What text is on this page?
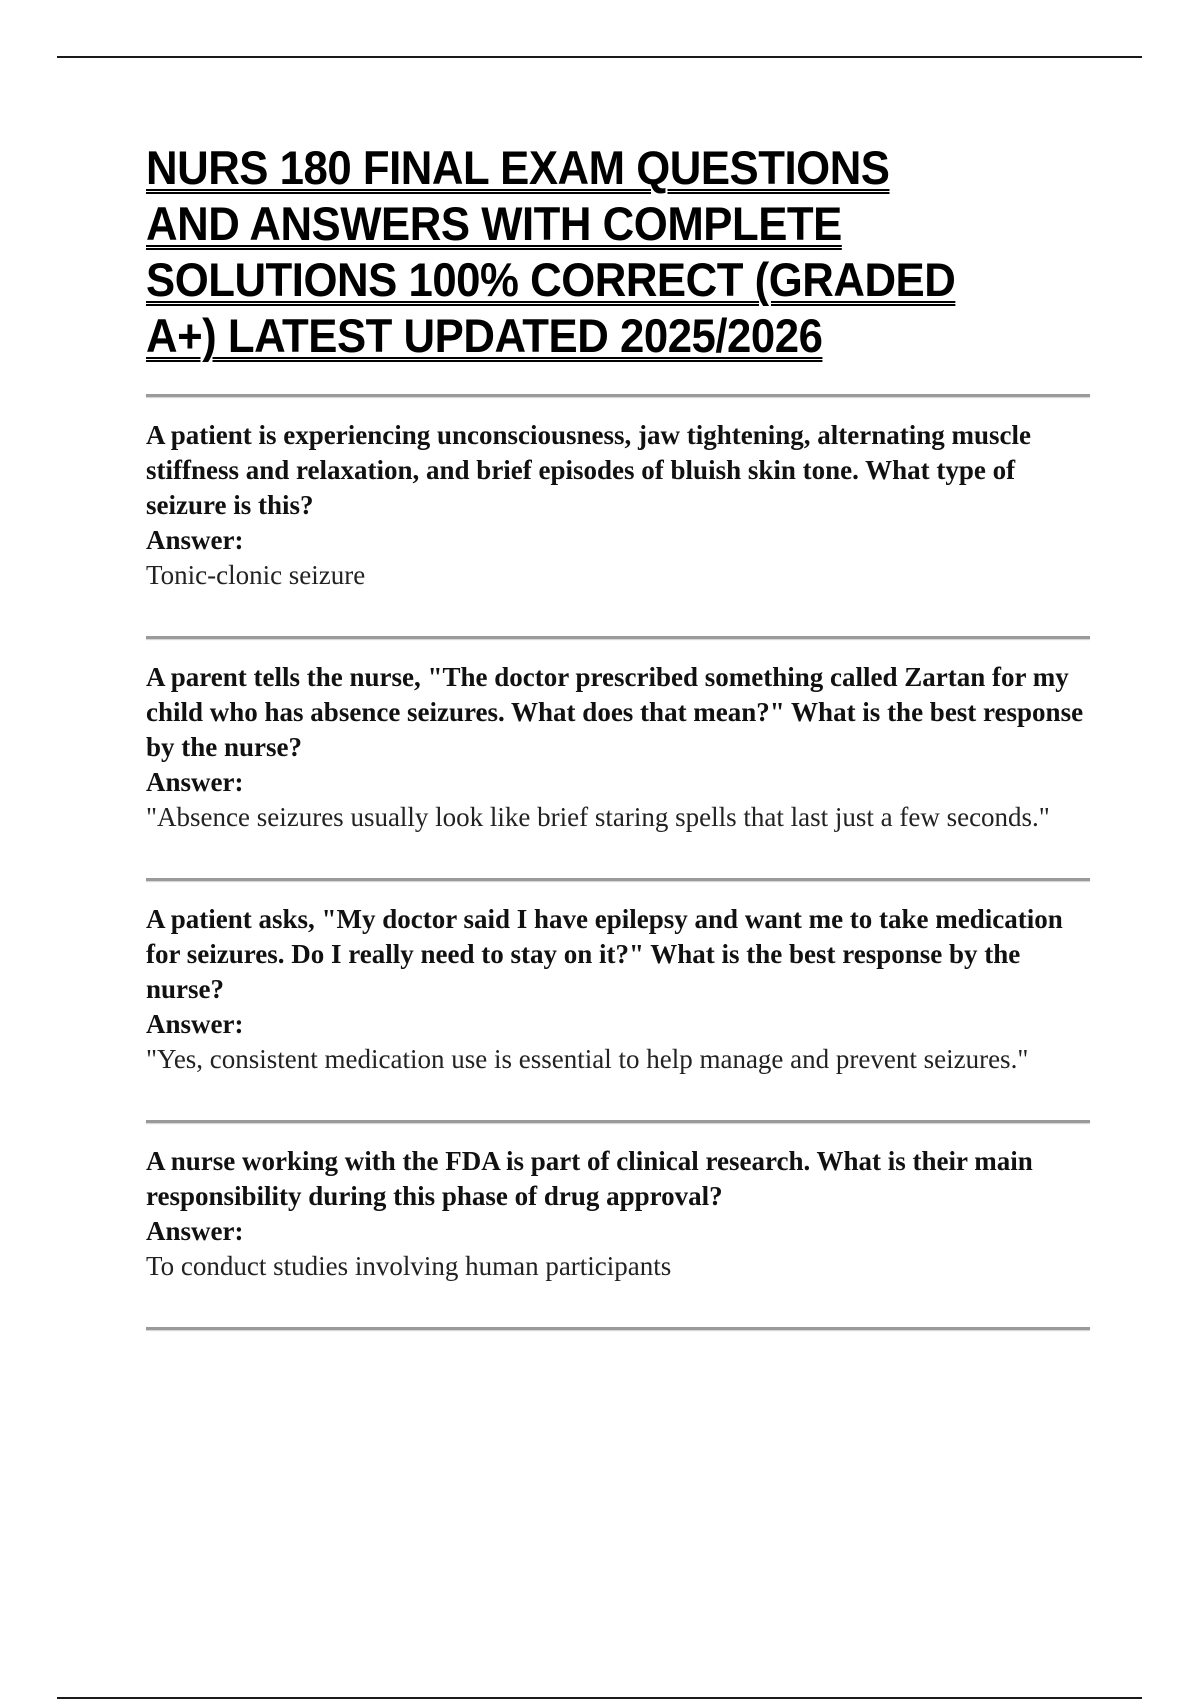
NURS 180 FINAL EXAM QUESTIONS
AND ANSWERS WITH COMPLETE
SOLUTIONS 100% CORRECT (GRADED
A+) LATEST UPDATED 2025/2026

A patient is experiencing unconsciousness, jaw tightening, alternating muscle stiffness and relaxation, and brief episodes of bluish skin tone. What type of seizure is this?

Answer:

Tonic-clonic seizure

A parent tells the nurse, "The doctor prescribed something called Zartan for my child who has absence seizures. What does that mean?" What is the best response by the nurse?

Answer:

"Absence seizures usually look like brief staring spells that last just a few seconds."

A patient asks, "My doctor said I have epilepsy and want me to take medication for seizures. Do I really need to stay on it?" What is the best response by the nurse?

Answer:

"Yes, consistent medication use is essential to help manage and prevent seizures."

A nurse working with the FDA is part of clinical research. What is their main responsibility during this phase of drug approval?

Answer:

To conduct studies involving human participants
